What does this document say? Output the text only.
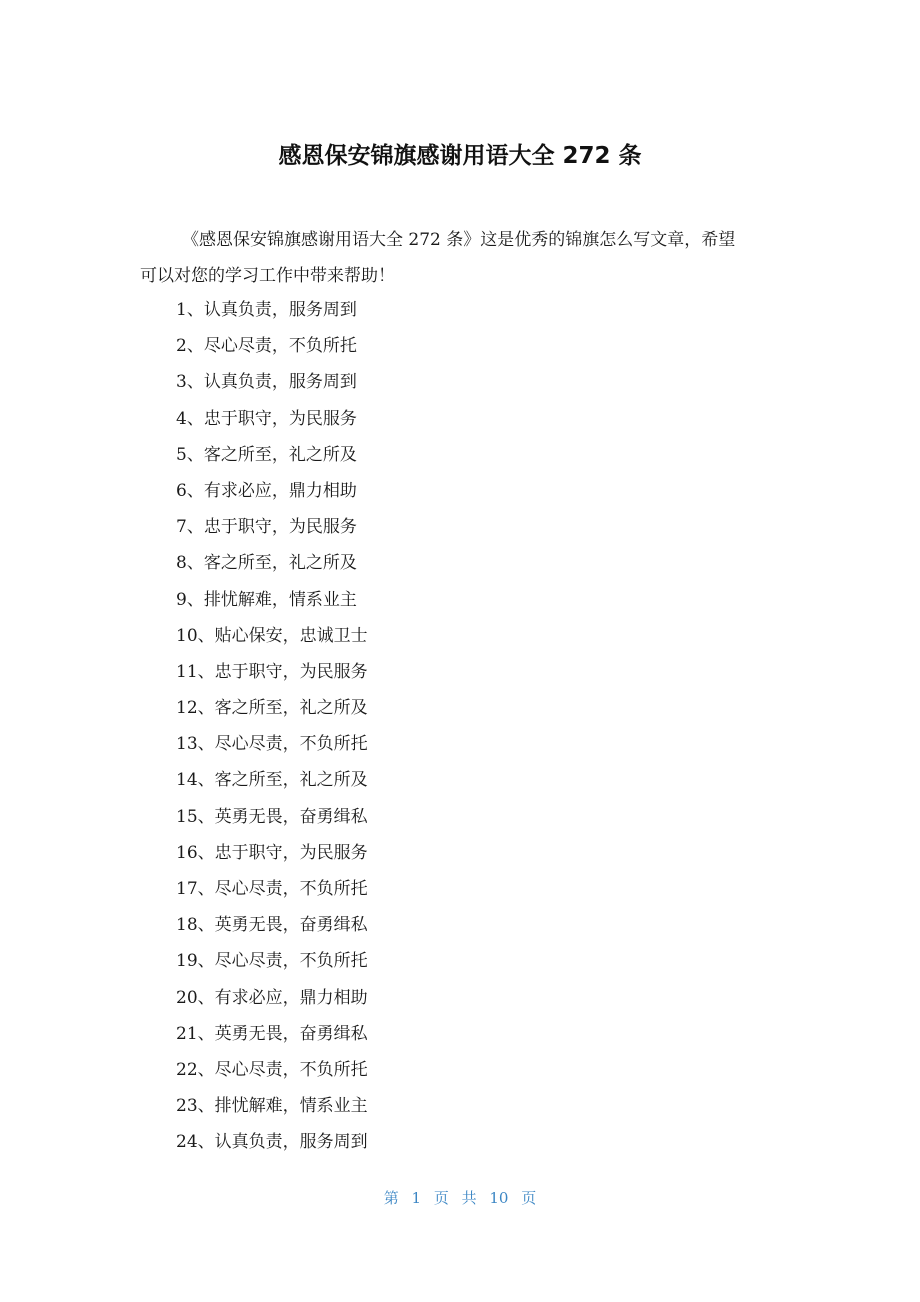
感恩保安锦旗感谢用语大全 272 条
《感恩保安锦旗感谢用语大全 272 条》这是优秀的锦旗怎么写文章，希望
可以对您的学习工作中带来帮助！
1、认真负责，服务周到
2、尽心尽责，不负所托
3、认真负责，服务周到
4、忠于职守，为民服务
5、客之所至，礼之所及
6、有求必应，鼎力相助
7、忠于职守，为民服务
8、客之所至，礼之所及
9、排忧解难，情系业主
10、贴心保安，忠诚卫士
11、忠于职守，为民服务
12、客之所至，礼之所及
13、尽心尽责，不负所托
14、客之所至，礼之所及
15、英勇无畏，奋勇缉私
16、忠于职守，为民服务
17、尽心尽责，不负所托
18、英勇无畏，奋勇缉私
19、尽心尽责，不负所托
20、有求必应，鼎力相助
21、英勇无畏，奋勇缉私
22、尽心尽责，不负所托
23、排忧解难，情系业主
24、认真负责，服务周到
第 1 页 共 10 页
